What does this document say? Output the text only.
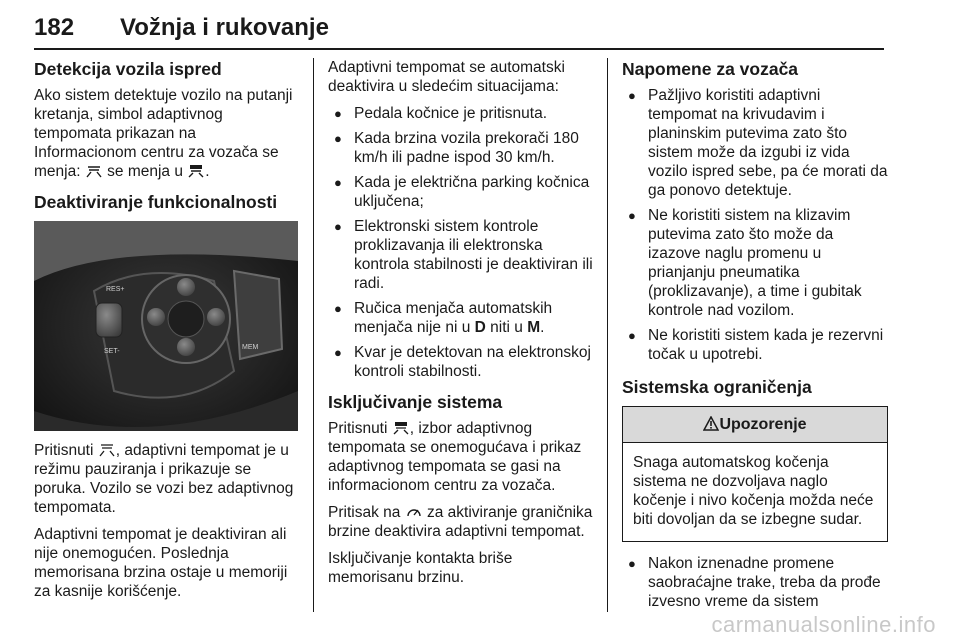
182 Vožnja i rukovanje
Detekcija vozila ispred

Ako sistem detektuje vozilo na putanji kretanja, simbol adaptivnog tempomata prikazan na Informacionom centru za vozača se menja: se menja u .

Deaktiviranje funkcionalnosti
RES+
SET-
MEM

Pritisnuti , adaptivni tempomat je u režimu pauziranja i prikazuje se poruka. Vozilo se vozi bez adaptivnog tempomata.

Adaptivni tempomat je deaktiviran ali nije onemogućen. Poslednja memorisana brzina ostaje u memoriji za kasnije korišćenje.

Adaptivni tempomat se automatski deaktivira u sledećim situacijama:

● Pedala kočnice je pritisnuta.
● Kada brzina vozila prekorači 180 km/h ili padne ispod 30 km/h.
● Kada je električna parking kočnica uključena;
● Elektronski sistem kontrole proklizavanja ili elektronska kontrola stabilnosti je deaktiviran ili radi.
● Ručica menjača automatskih menjača nije ni u D niti u M.
● Kvar je detektovan na elektronskoj kontroli stabilnosti.
Isključivanje sistema

Pritisnuti , izbor adaptivnog tempomata se onemogućava i prikaz adaptivnog tempomata se gasi na informacionom centru za vozača.

Pritisak na za aktiviranje graničnika brzine deaktivira adaptivni tempomat.

Isključivanje kontakta briše memorisanu brzinu.

Napomene za vozača
● Pažljivo koristiti adaptivni tempomat na krivudavim i planinskim putevima zato što sistem može da izgubi iz vida vozilo ispred sebe, pa će morati da ga ponovo detektuje.
● Ne koristiti sistem na klizavim putevima zato što može da izazove naglu promenu u prianjanju pneumatika (proklizavanje), a time i gubitak kontrole nad vozilom.
● Ne koristiti sistem kada je rezervni točak u upotrebi.
Sistemska ograničenja
Upozorenje
Snaga automatskog kočenja sistema ne dozvoljava naglo kočenje i nivo kočenja možda neće biti dovoljan da se izbegne sudar.
● Nakon iznenadne promene saobraćajne trake, treba da prođe izvesno vreme da sistem
carmanualsonline.info
